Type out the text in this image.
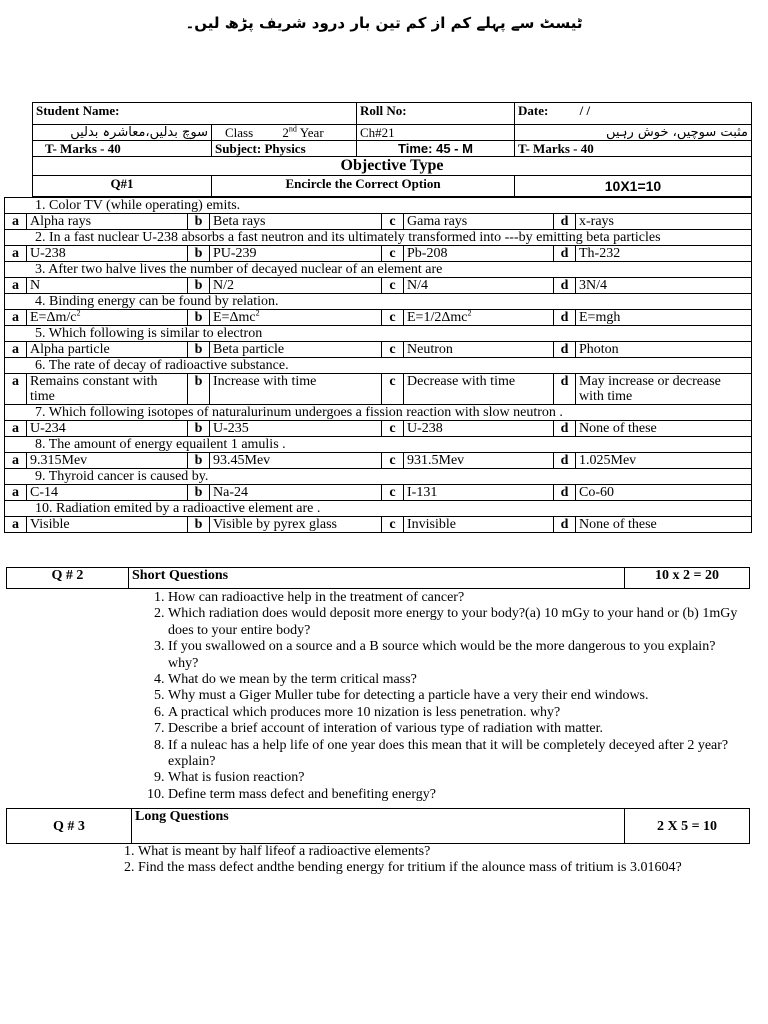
ٹیسٹ سے پہلے کم از کم تین بار درود شریف پڑھ لیں۔
Student Name:		Roll No:	Date: / /
سوچ بدلیں،معاشرہ بدلیں	Class 2nd Year	Ch#21	مثبت سوچیں، خوش رہیں
T- Marks - 40	Subject: Physics	Time: 45 - M	T- Marks - 40
Objective Type			
Q#1	Encircle the Correct Option		10X1=10
1. Color TV (while operating) emits.							
a	Alpha rays	b	Beta rays	c	Gama rays	d	x-rays
2. In a fast nuclear U-238 absorbs a fast neutron and its ultimately transformed into ---by emitting beta particles							
a	U-238	b	PU-239	c	Pb-208	d	Th-232
3. After two halve lives the number of decayed nuclear of an element are							
a	N	b	N/2	c	N/4	d	3N/4
4. Binding energy can be found by relation.							
a	$E=\Delta m/c^2$	b	E=Δmc$^2$	c	E=1/2Δmc$^2$	d	E=mgh
5. Which following is similar to electron							
a	Alpha particle	b	Beta particle	c	Neutron	d	Photon
6. The rate of decay of radioactive substance.							
a	Remains constant with time	b	Increase with time	c	Decrease with time	d	May increase or decrease with time
7. Which following isotopes of naturalurinum undergoes a fission reaction with slow neutron .							
a	U-234	b	U-235	c	U-238	d	None of these
8. The amount of energy equailent 1 amulis .							
a	9.315Mev	b	93.45Mev	c	931.5Mev	d	1.025Mev
9. Thyroid cancer is caused by.							
a	C-14	b	Na-24	c	I-131	d	Co-60
10. Radiation emited by a radioactive element are .							
a	Visible	b	Visible by pyrex glass	c	Invisible	d	None of these
Q # 2	Short Questions	10 x 2 = 20
1. How can radioactive help in the treatment of cancer?
2. Which radiation does would deposit more energy to your body?(a) 10 mGy to your hand or (b) 1mGy does to your entire body?
3. If you swallowed on a source and a B source which would be the more dangerous to you explain?why?
4. What do we mean by the term critical mass?
5. Why must a Giger Muller tube for detecting a particle have a very their end windows.
6. A practical which produces more 10 nization is less penetration. why?
7. Describe a brief account of interation of various type of radiation with matter.
8. If a nuleac has a help life of one year does this mean that it will be completely deceyed after 2 year?explain?
9. What is fusion reaction?
10. Define term mass defect and benefiting energy?
Q # 3	Long Questions	2 X 5 = 10
1. What is meant by half lifeof a radioactive elements?
2. Find the mass defect andthe bending energy for tritium if the alounce mass of tritium is 3.01604?
